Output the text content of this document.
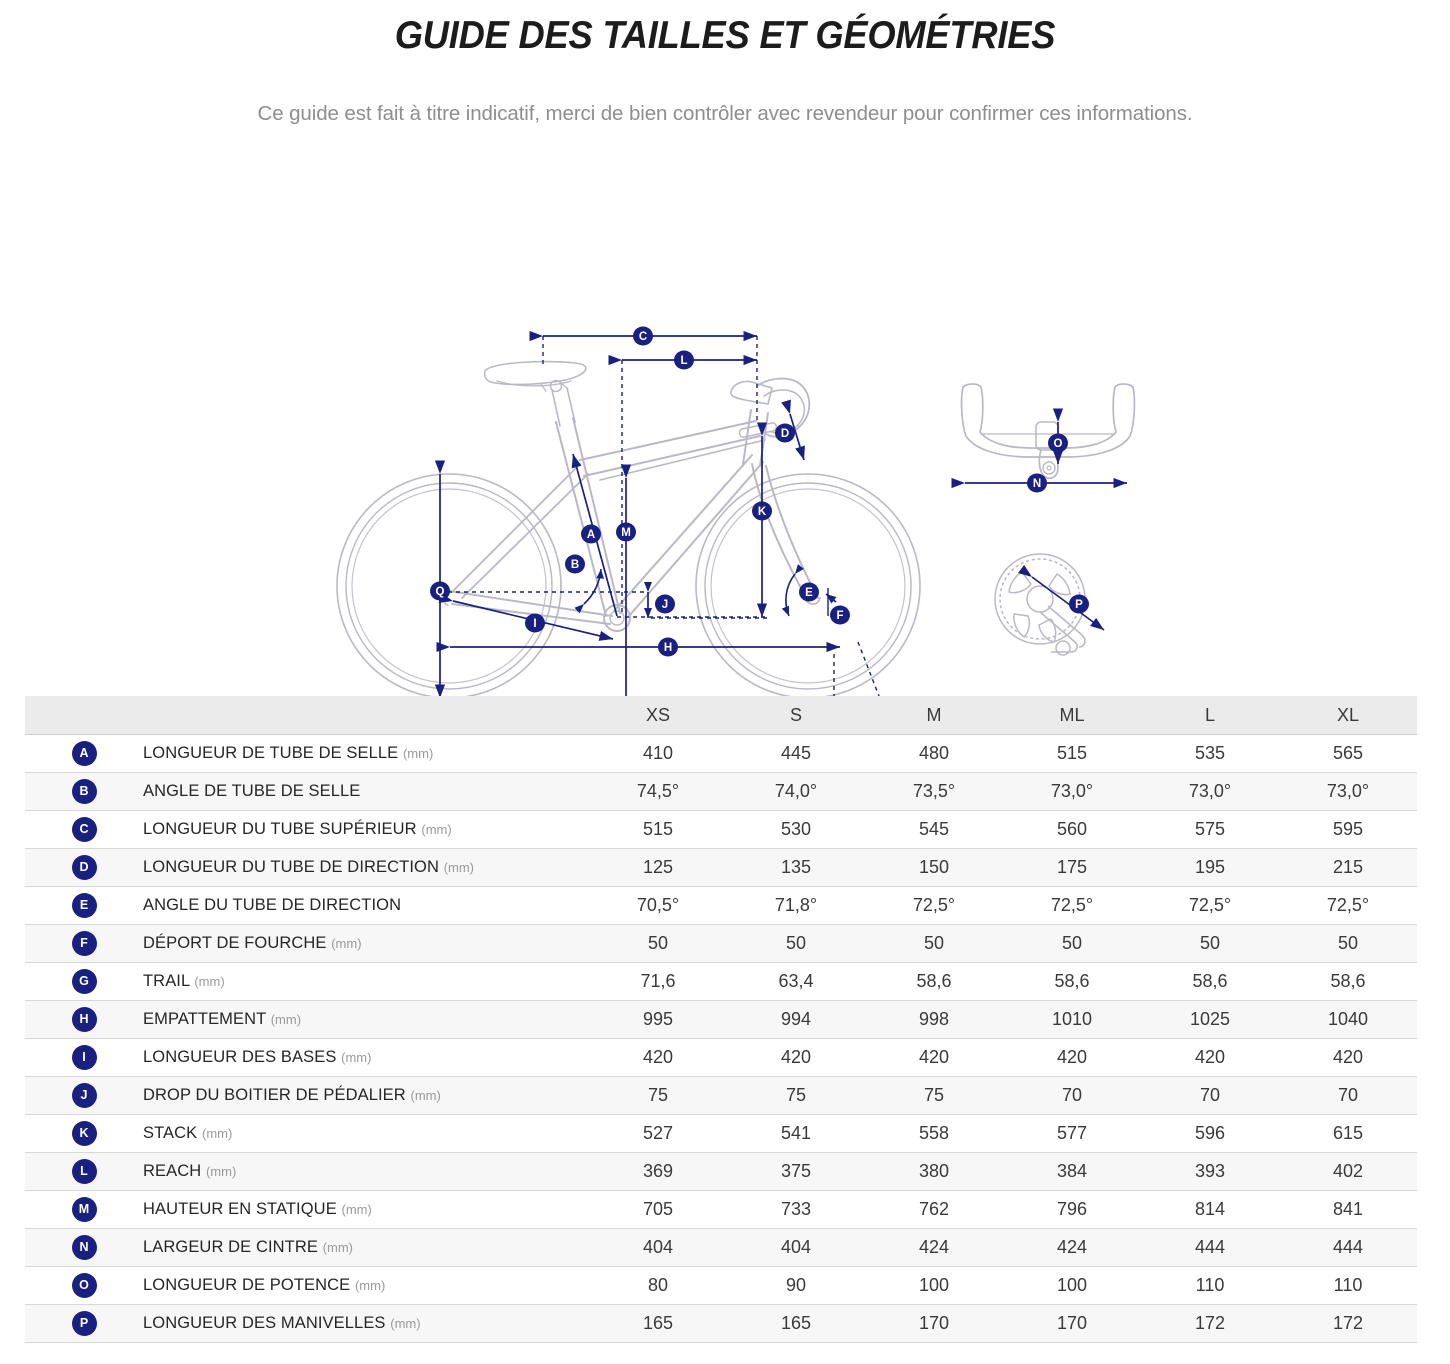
GUIDE DES TAILLES ET GÉOMÉTRIES

Ce guide est fait à titre indicatif, merci de bien contrôler avec revendeur pour confirmer ces informations.

C
L
A
B
M
Q
K
D
E
F
J
I
H
O
N
P
		XS	S	M	ML	L	XL
A	LONGUEUR DE TUBE DE SELLE (mm)	410	445	480	515	535	565
B	ANGLE DE TUBE DE SELLE	74,5°	74,0°	73,5°	73,0°	73,0°	73,0°
C	LONGUEUR DU TUBE SUPÉRIEUR (mm)	515	530	545	560	575	595
D	LONGUEUR DU TUBE DE DIRECTION (mm)	125	135	150	175	195	215
E	ANGLE DU TUBE DE DIRECTION	70,5°	71,8°	72,5°	72,5°	72,5°	72,5°
F	DÉPORT DE FOURCHE (mm)	50	50	50	50	50	50
G	TRAIL (mm)	71,6	63,4	58,6	58,6	58,6	58,6
H	EMPATTEMENT (mm)	995	994	998	1010	1025	1040
I	LONGUEUR DES BASES (mm)	420	420	420	420	420	420
J	DROP DU BOITIER DE PÉDALIER (mm)	75	75	75	70	70	70
K	STACK (mm)	527	541	558	577	596	615
L	REACH (mm)	369	375	380	384	393	402
M	HAUTEUR EN STATIQUE (mm)	705	733	762	796	814	841
N	LARGEUR DE CINTRE (mm)	404	404	424	424	444	444
O	LONGUEUR DE POTENCE (mm)	80	90	100	100	110	110
P	LONGUEUR DES MANIVELLES (mm)	165	165	170	170	172	172
